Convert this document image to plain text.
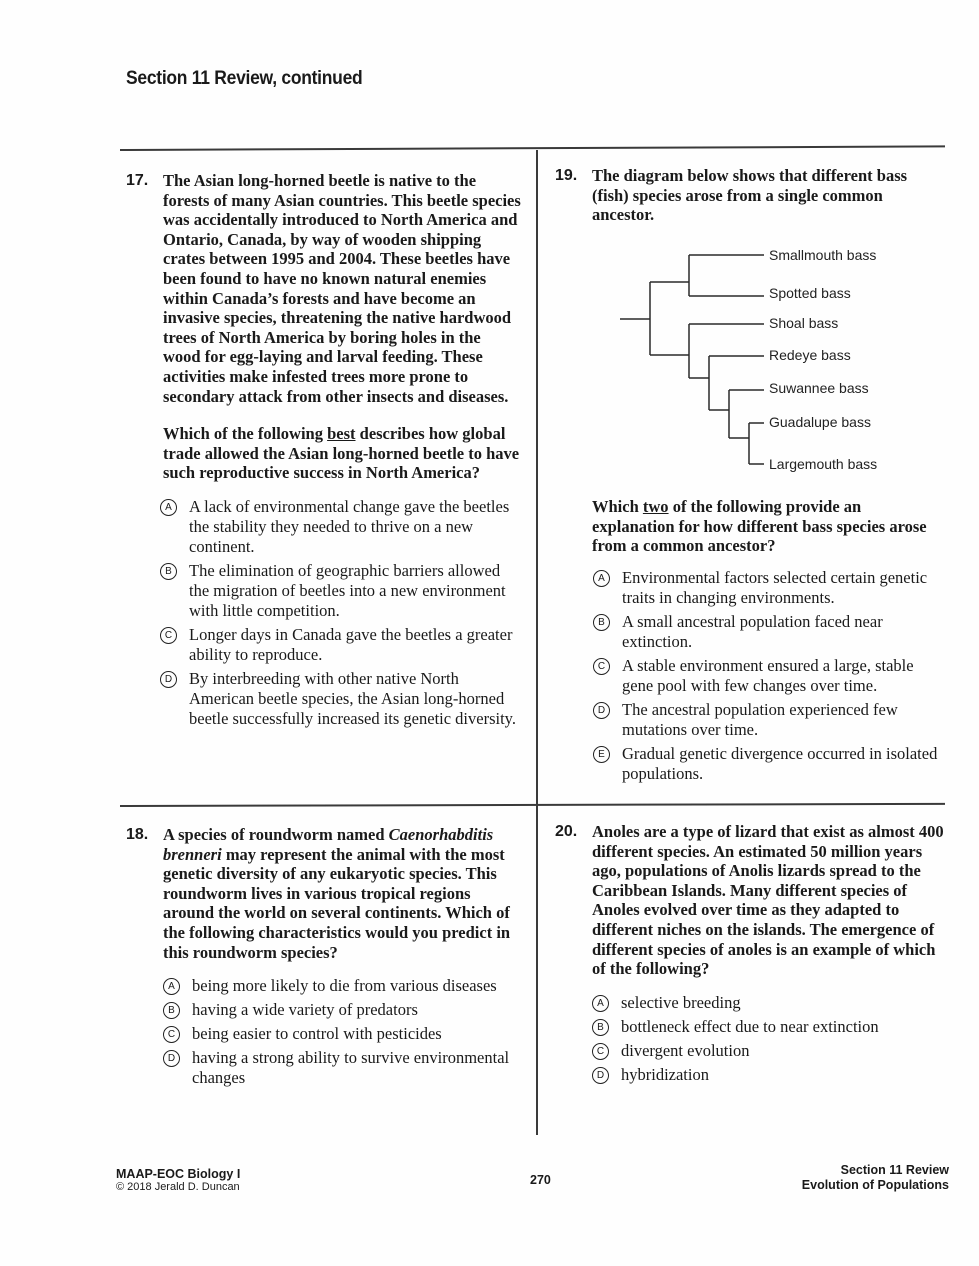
Section 11 Review, continued
17. The Asian long-horned beetle is native to the forests of many Asian countries. This beetle species was accidentally introduced to North America and Ontario, Canada, by way of wooden shipping crates between 1995 and 2004. These beetles have been found to have no known natural enemies within Canada’s forests and have become an invasive species, threatening the native hardwood trees of North America by boring holes in the wood for egg-laying and larval feeding. These activities make infested trees more prone to secondary attack from other insects and diseases.
Which of the following best describes how global trade allowed the Asian long-horned beetle to have such reproductive success in North America?
A	A lack of environmental change gave the beetles the stability they needed to thrive on a new continent.
B	The elimination of geographic barriers allowed the migration of beetles into a new environment with little competition.
C Longer days in Canada gave the beetles a greater ability to reproduce.
D By interbreeding with other native North American beetle species, the Asian long-horned beetle successfully increased its genetic diversity.
19. The diagram below shows that different bass (fish) species arose from a single common ancestor.
Smallmouth bass
Spotted bass
Shoal bass
Redeye bass
Suwannee bass
Guadalupe bass
Largemouth bass
Which two of the following provide an explanation for how different bass species arose from a common ancestor?
A	Environmental factors selected certain genetic traits in changing environments.
B	A small ancestral population faced near extinction.
C A stable environment ensured a large, stable gene pool with few changes over time.
D The ancestral population experienced few mutations over time.
E	Gradual genetic divergence occurred in isolated populations.
18. A species of roundworm named Caenorhabditis brenneri may represent the animal with the most genetic diversity of any eukaryotic species. This roundworm lives in various tropical regions around the world on several continents. Which of the following characteristics would you predict in this roundworm species?
A	being more likely to die from various diseases
B	having a wide variety of predators
C being easier to control with pesticides
D having a strong ability to survive environmental changes
20. Anoles are a type of lizard that exist as almost 400 different species. An estimated 50 million years ago, populations of Anolis lizards spread to the Caribbean Islands. Many different species of Anoles evolved over time as they adapted to different niches on the islands. The emergence of different species of anoles is an example of which of the following?
A	selective breeding
B	bottleneck effect due to near extinction
C divergent evolution
D hybridization
MAAP-EOC Biology I
© 2018 Jerald D. Duncan	270
Section 11 Review
Evolution of Populations
